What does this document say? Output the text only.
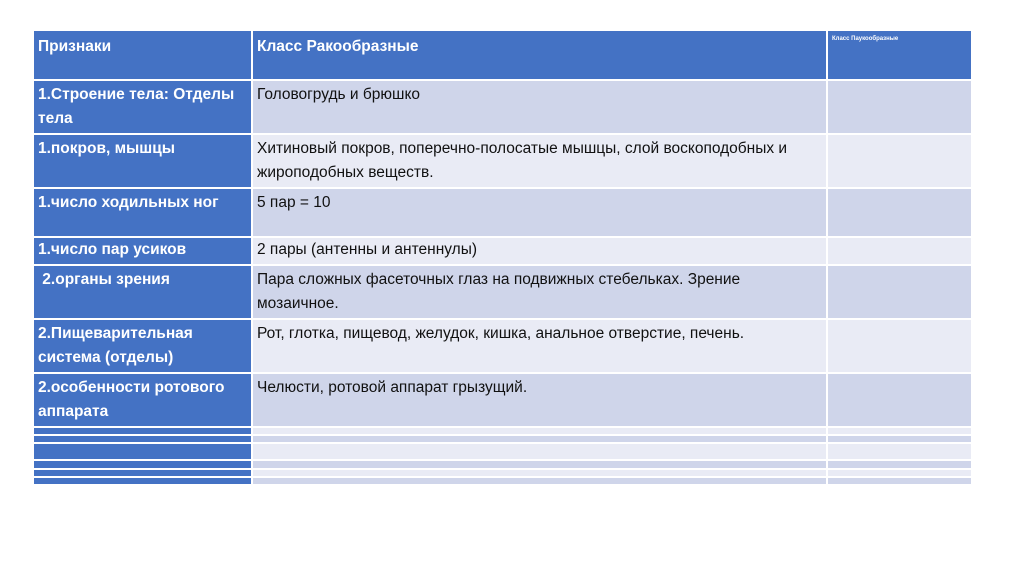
Признаки	Класс Ракообразные	Класс Паукообразные
1.Строение тела: Отделы тела	Головогрудь и брюшко	
1.покров, мышцы	Хитиновый покров, поперечно-полосатые мышцы, слой воскоподобных и жироподобных веществ.	
1.число ходильных ног	5 пар = 10	
1.число пар усиков	2 пары (антенны и антеннулы)	
2.органы зрения	Пара сложных фасеточных глаз на подвижных стебельках. Зрение мозаичное.	
2.Пищеварительная система (отделы)	Рот, глотка, пищевод, желудок, кишка, анальное отверстие, печень.	
2.особенности ротового аппарата	Челюсти, ротовой аппарат грызущий.	
